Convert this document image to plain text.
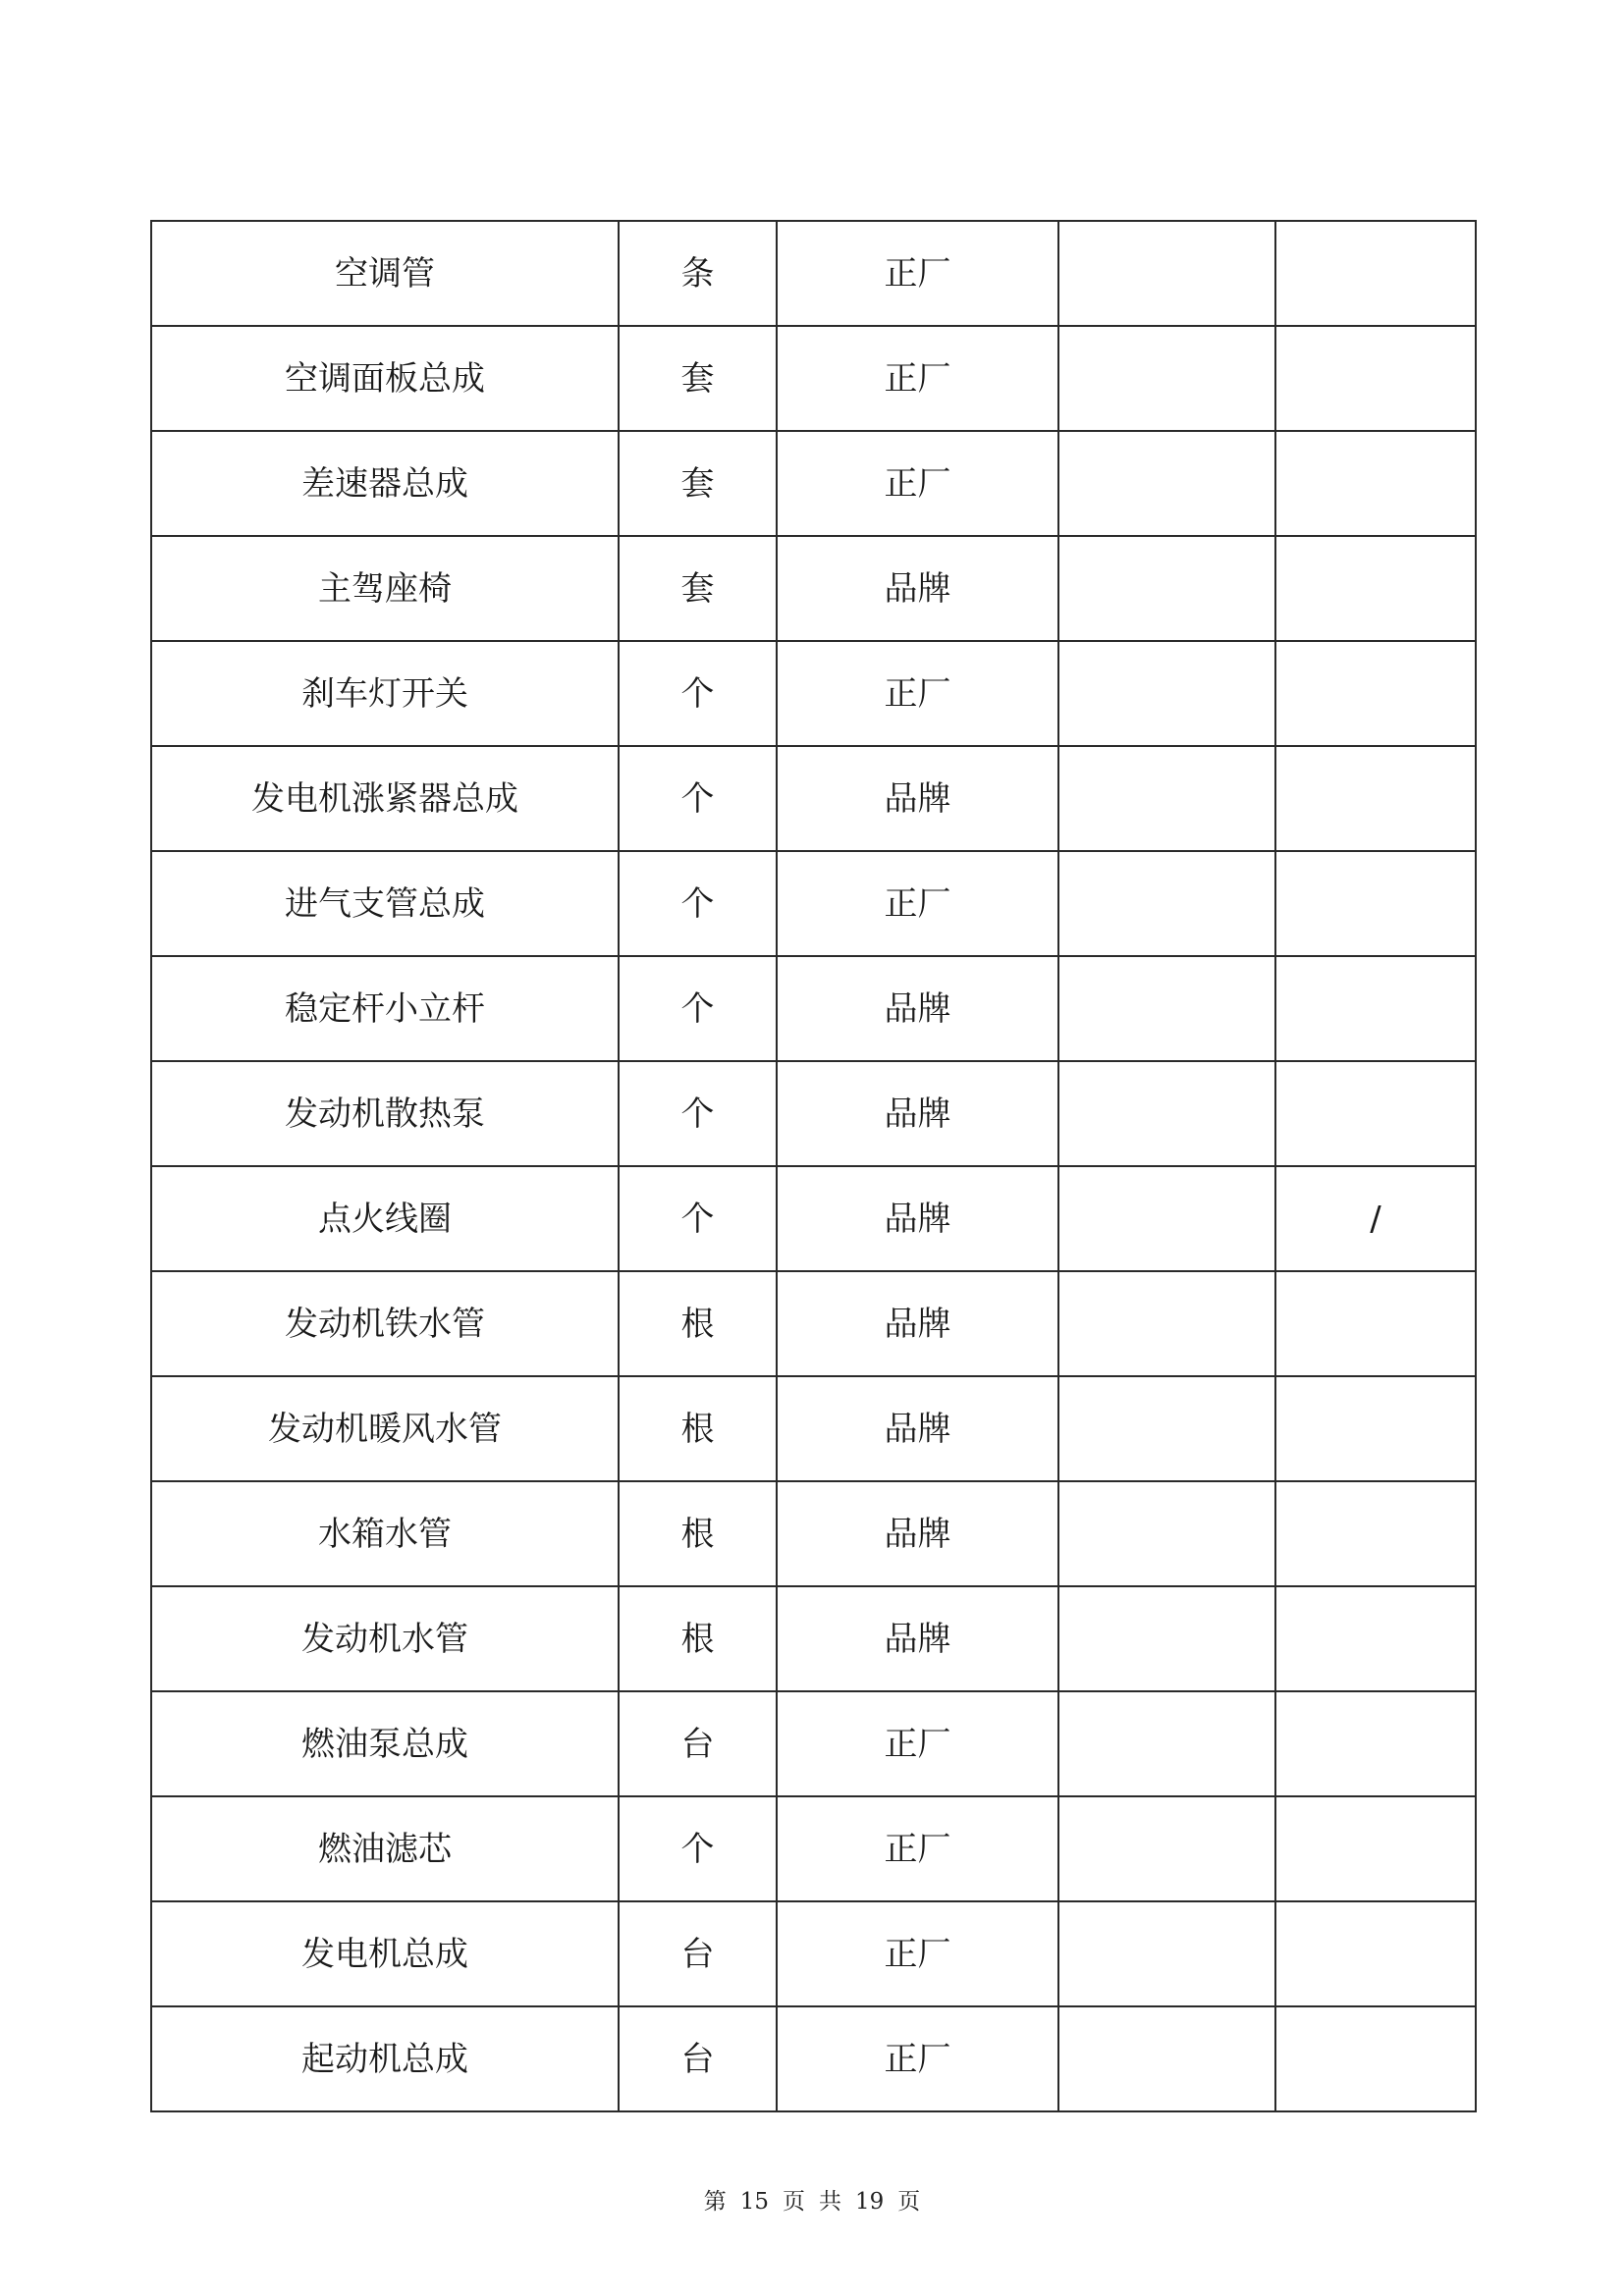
空调管	条	正厂		
空调面板总成	套	正厂		
差速器总成	套	正厂		
主驾座椅	套	品牌		
刹车灯开关	个	正厂		
发电机涨紧器总成	个	品牌		
进气支管总成	个	正厂		
稳定杆小立杆	个	品牌		
发动机散热泵	个	品牌		
点火线圈	个	品牌		/
发动机铁水管	根	品牌		
发动机暖风水管	根	品牌		
水箱水管	根	品牌		
发动机水管	根	品牌		
燃油泵总成	台	正厂		
燃油滤芯	个	正厂		
发电机总成	台	正厂		
起动机总成	台	正厂		
第 15 页 共 19 页
